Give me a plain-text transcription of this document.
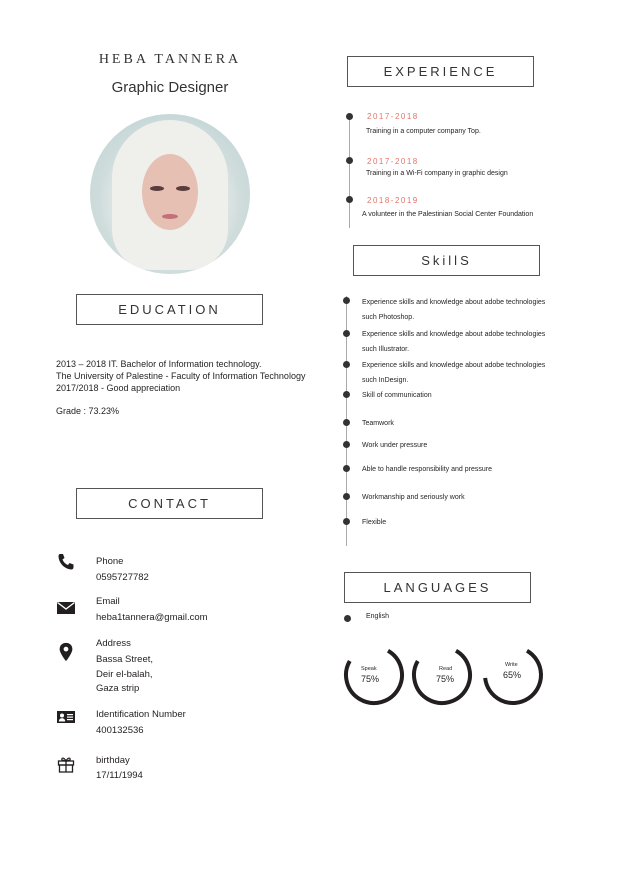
HEBA TANNERA
Graphic Designer
EXPERIENCE
SkillS
EDUCATION
CONTACT
LANGUAGES
2013 – 2018 IT. Bachelor of Information technology.
The University of Palestine - Faculty of Information Technology
2017/2018 - Good appreciation
Grade : 73.23%
Phone
0595727782
Email
heba1tannera@gmail.com
Address
Bassa Street,
Deir el-balah,
Gaza strip
Identification Number
400132536
birthday
17/11/1994
2017-2018
Training in a computer company Top.
2017-2018
Training in a Wi-Fi company in graphic design
2018-2019
A volunteer in the Palestinian Social Center Foundation
Experience skills and knowledge about adobe technologies
such Photoshop.
Experience skills and knowledge about adobe technologies
such Illustrator.
Experience skills and knowledge about adobe technologies
such InDesign.
Skill of communication
Teamwork
Work under pressure
Able to handle responsibility and pressure
Workmanship and seriously work
Flexible
English
Speak
75%
Read
75%
Write
65%
